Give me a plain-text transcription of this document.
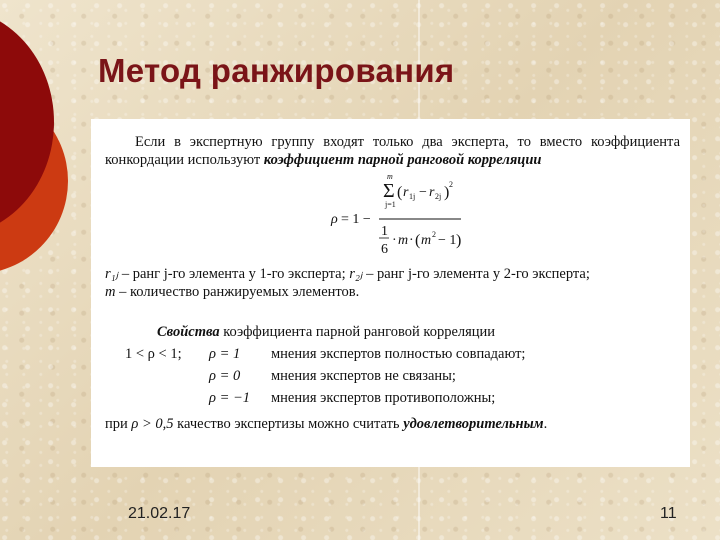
Метод ранжирования

Если в экспертную группу входят только два эксперта, то вместо коэффициента конкордации используют коэффициент парной ранговой корреляции

ρ = 1 −
m
Σ
j=1
( r 1j − r 2j ) 2
1
6
· m · ( m 2 − 1 )

r₁ⱼ – ранг j-го элемента у 1-го эксперта; r₂ⱼ – ранг j-го элемента у 2-го эксперта;

m – количество ранжируемых элементов.

Свойства коэффициента парной ранговой корреляции

1 < ρ < 1; ρ = 1 мнения экспертов полностью совпадают;
ρ = 0 мнения экспертов не связаны;
ρ = −1 мнения экспертов противоположны;

при ρ > 0,5 качество экспертизы можно считать удовлетворительным.

21.02.17	11
